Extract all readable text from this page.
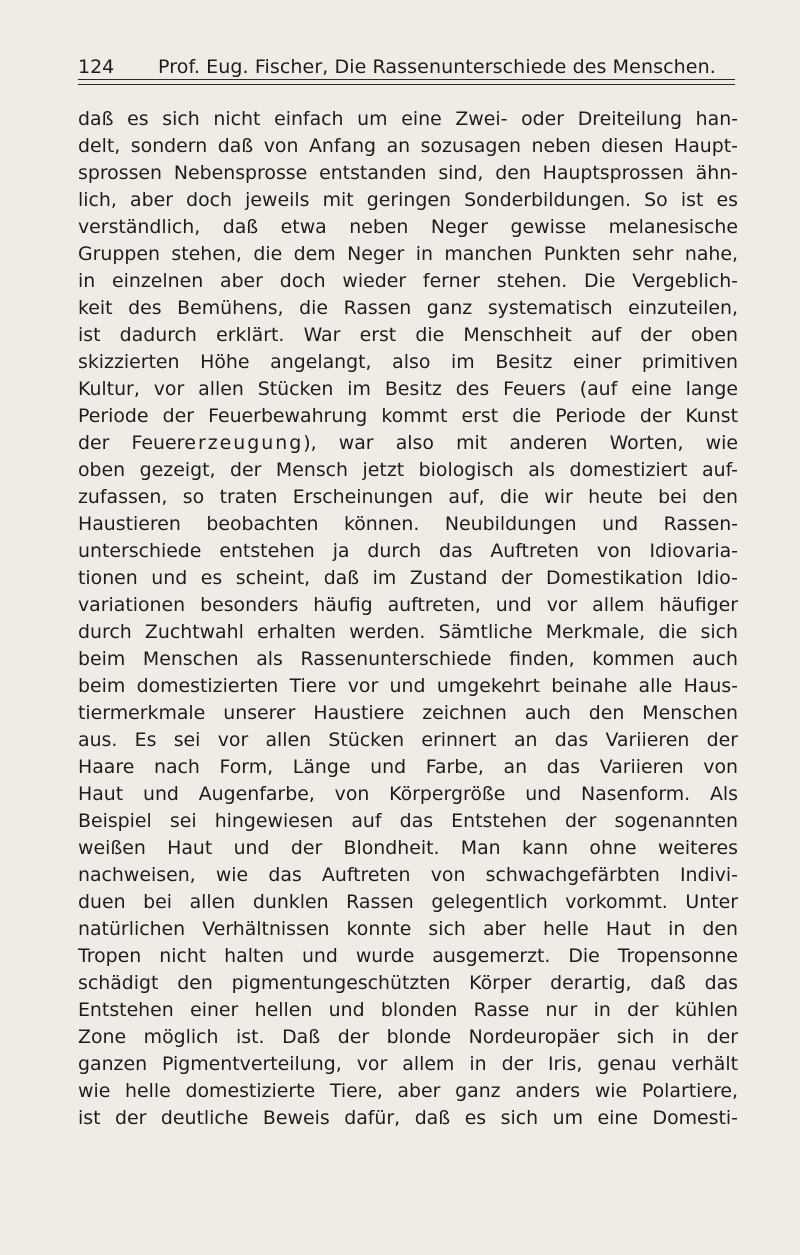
124 Prof. Eug. Fischer, Die Rassenunterschiede des Menschen.
daß es sich nicht einfach um eine Zwei- oder Dreiteilung han-
delt, sondern daß von Anfang an sozusagen neben diesen Haupt-
sprossen Nebensprosse entstanden sind, den Hauptsprossen ähn-
lich, aber doch jeweils mit geringen Sonderbildungen. So ist es
verständlich, daß etwa neben Neger gewisse melanesische
Gruppen stehen, die dem Neger in manchen Punkten sehr nahe,
in einzelnen aber doch wieder ferner stehen. Die Vergeblich-
keit des Bemühens, die Rassen ganz systematisch einzuteilen,
ist dadurch erklärt. War erst die Menschheit auf der oben
skizzierten Höhe angelangt, also im Besitz einer primitiven
Kultur, vor allen Stücken im Besitz des Feuers (auf eine lange
Periode der Feuerbewahrung kommt erst die Periode der Kunst
der Feuererzeugung), war also mit anderen Worten, wie
oben gezeigt, der Mensch jetzt biologisch als domestiziert auf-
zufassen, so traten Erscheinungen auf, die wir heute bei den
Haustieren beobachten können. Neubildungen und Rassen-
unterschiede entstehen ja durch das Auftreten von Idiovaria-
tionen und es scheint, daß im Zustand der Domestikation Idio-
variationen besonders häufig auftreten, und vor allem häufiger
durch Zuchtwahl erhalten werden. Sämtliche Merkmale, die sich
beim Menschen als Rassenunterschiede finden, kommen auch
beim domestizierten Tiere vor und umgekehrt beinahe alle Haus-
tiermerkmale unserer Haustiere zeichnen auch den Menschen
aus. Es sei vor allen Stücken erinnert an das Variieren der
Haare nach Form, Länge und Farbe, an das Variieren von
Haut und Augenfarbe, von Körpergröße und Nasenform. Als
Beispiel sei hingewiesen auf das Entstehen der sogenannten
weißen Haut und der Blondheit. Man kann ohne weiteres
nachweisen, wie das Auftreten von schwachgefärbten Indivi-
duen bei allen dunklen Rassen gelegentlich vorkommt. Unter
natürlichen Verhältnissen konnte sich aber helle Haut in den
Tropen nicht halten und wurde ausgemerzt. Die Tropensonne
schädigt den pigmentungeschützten Körper derartig, daß das
Entstehen einer hellen und blonden Rasse nur in der kühlen
Zone möglich ist. Daß der blonde Nordeuropäer sich in der
ganzen Pigmentverteilung, vor allem in der Iris, genau verhält
wie helle domestizierte Tiere, aber ganz anders wie Polartiere,
ist der deutliche Beweis dafür, daß es sich um eine Domesti-
